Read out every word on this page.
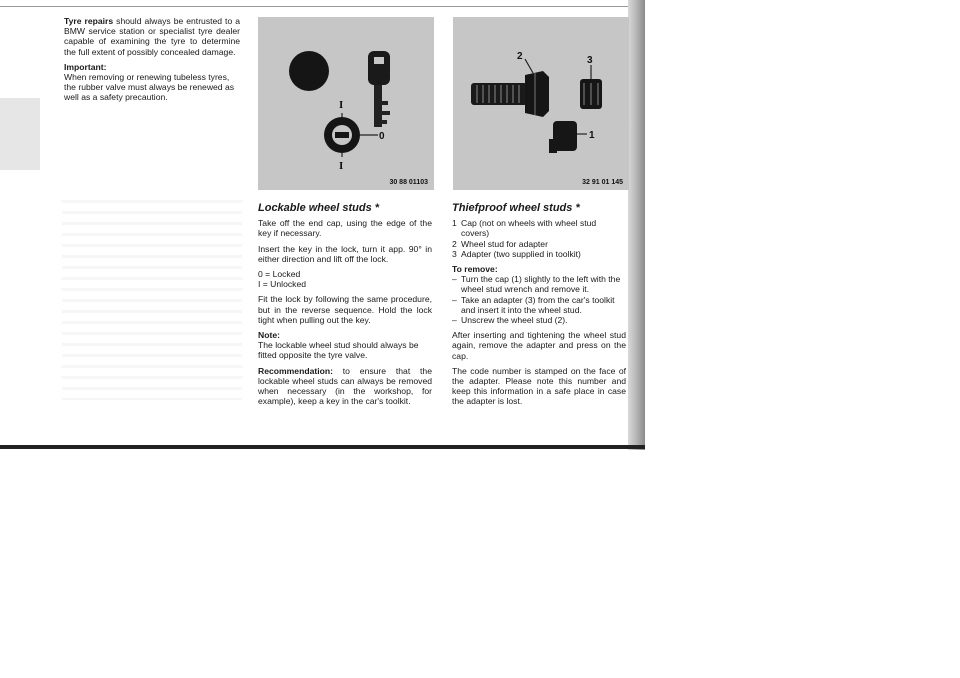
Tyre repairs should always be entrusted to a BMW service station or specialist tyre dealer capable of examining the tyre to determine the full extent of possibly concealed damage.

Important:
When removing or renewing tubeless tyres, the rubber valve must always be renewed as well as a safety precaution.

I
0
I
30 88 01103
2	3
1
32 91 01 145

Lockable wheel studs *

Take off the end cap, using the edge of the key if necessary.

Insert the key in the lock, turn it app. 90° in either direction and lift off the lock.

0 = Locked
I = Unlocked

Fit the lock by following the same procedure, but in the reverse sequence. Hold the lock tight when pulling out the key.

Note:
The lockable wheel stud should always be fitted opposite the tyre valve.

Recommendation: to ensure that the lockable wheel studs can always be removed when necessary (in the workshop, for example), keep a key in the car's toolkit.

Thiefproof wheel studs *

1 Cap (not on wheels with wheel stud covers)
2 Wheel stud for adapter
3 Adapter (two supplied in toolkit)

To remove:

– Turn the cap (1) slightly to the left with the wheel stud wrench and remove it.
– Take an adapter (3) from the car's toolkit and insert it into the wheel stud.
– Unscrew the wheel stud (2).

After inserting and tightening the wheel stud again, remove the adapter and press on the cap.

The code number is stamped on the face of the adapter. Please note this number and keep this information in a safe place in case the adapter is lost.
